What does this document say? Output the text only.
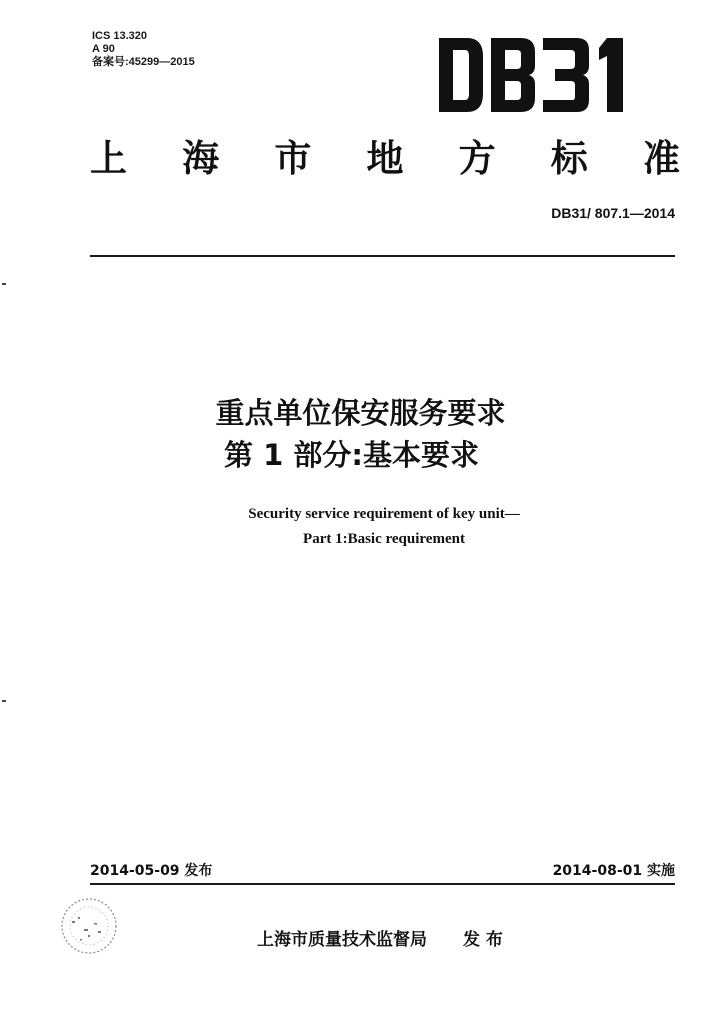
ICS 13.320
A 90
备案号:45299—2015
上 海 市 地 方 标 准
DB31/ 807.1—2014
重点单位保安服务要求
第 1 部分:基本要求
Security service requirement of key unit—
Part 1:Basic requirement
2014-05-09 发布	2014-08-01 实施
上海市质量技术监督局 发 布
